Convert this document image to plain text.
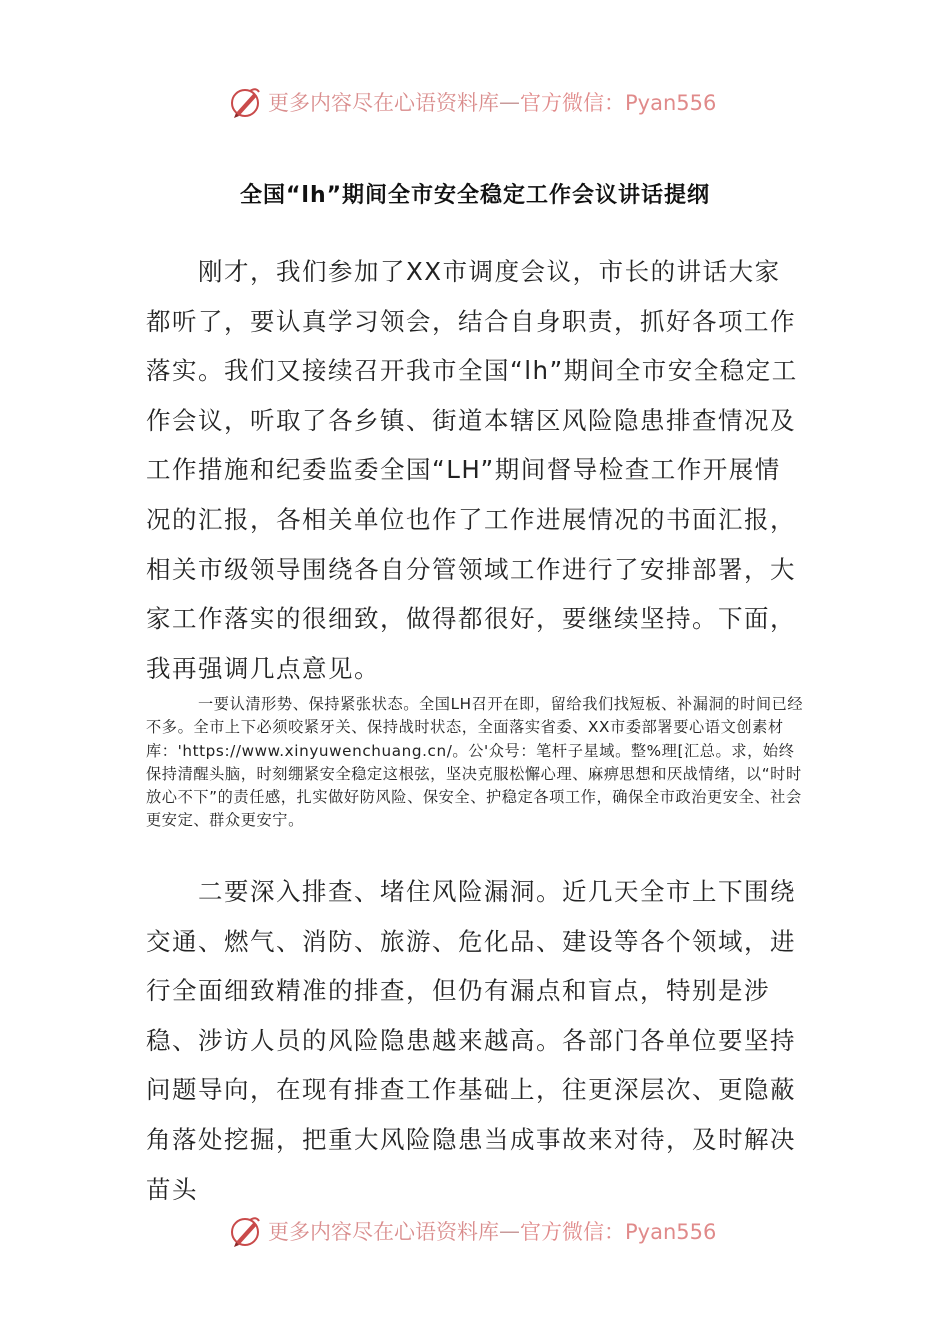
更多内容尽在心语资料库 — 官方微信：Pyan556
全国“lh”期间全市安全稳定工作会议讲话提纲

刚才，我们参加了XX市调度会议，市长的讲话大家都听了，要认真学习领会，结合自身职责，抓好各项工作落实。我们又接续召开我市全国“lh”期间全市安全稳定工作会议，听取了各乡镇、街道本辖区风险隐患排查情况及工作措施和纪委监委全国“LH”期间督导检查工作开展情况的汇报，各相关单位也作了工作进展情况的书面汇报，相关市级领导围绕各自分管领域工作进行了安排部署，大家工作落实的很细致，做得都很好，要继续坚持。下面，我再强调几点意见。

一要认清形势、保持紧张状态。全国LH召开在即，留给我们找短板、补漏洞的时间已经不多。全市上下必须咬紧牙关、保持战时状态，全面落实省委、XX市委部署要心语文创素材库：'https://www.xinyuwenchuang.cn/。公'众号：笔杆子星域。整%理[汇总。求，始终保持清醒头脑，时刻绷紧安全稳定这根弦，坚决克服松懈心理、麻痹思想和厌战情绪，以“时时放心不下”的责任感，扎实做好防风险、保安全、护稳定各项工作，确保全市政治更安全、社会更安定、群众更安宁。

二要深入排查、堵住风险漏洞。近几天全市上下围绕交通、燃气、消防、旅游、危化品、建设等各个领域，进行全面细致精准的排查，但仍有漏点和盲点，特别是涉稳、涉访人员的风险隐患越来越高。各部门各单位要坚持问题导向，在现有排查工作基础上，往更深层次、更隐蔽角落处挖掘，把重大风险隐患当成事故来对待，及时解决苗头

更多内容尽在心语资料库 — 官方微信：Pyan556
